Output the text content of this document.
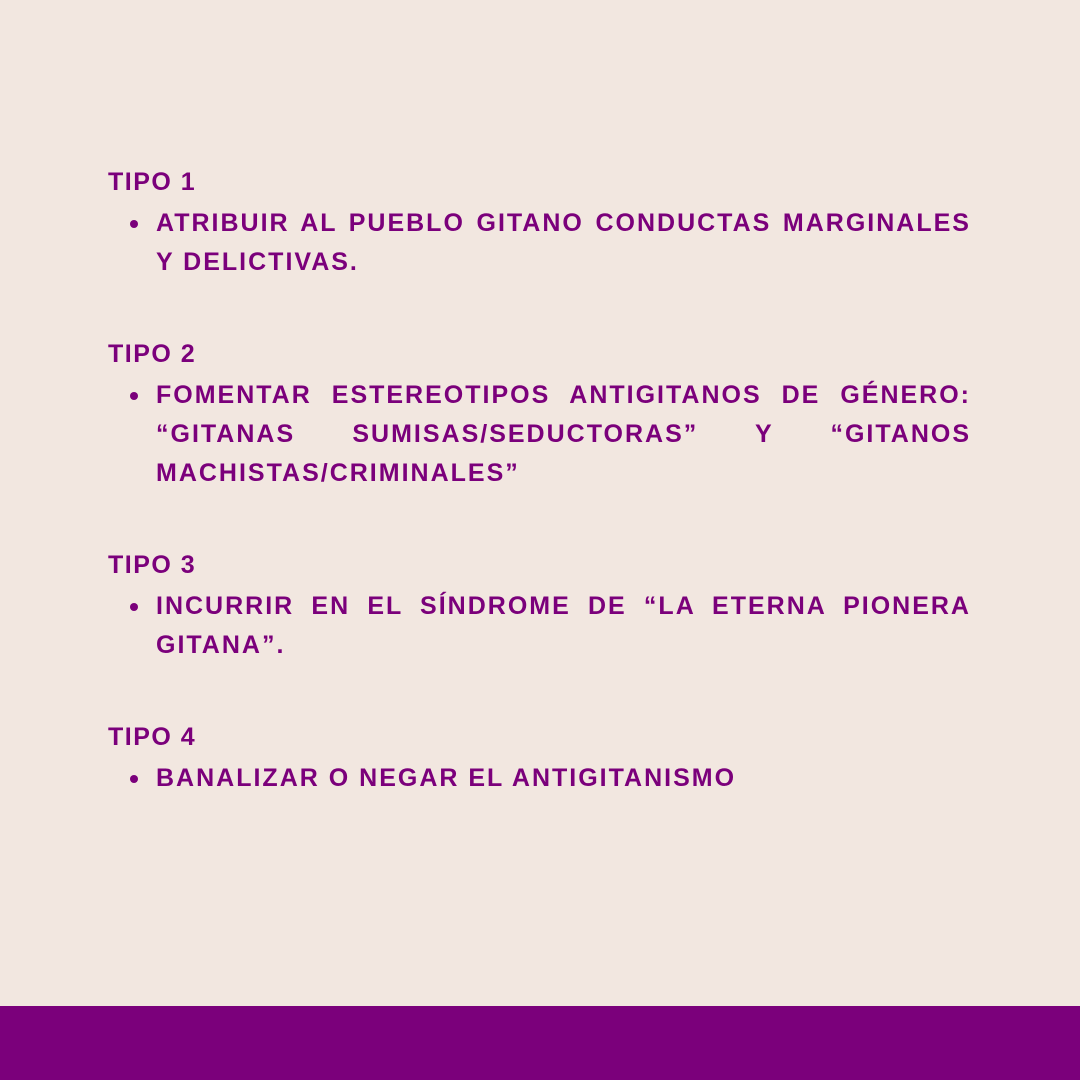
TIPO 1
ATRIBUIR AL PUEBLO GITANO CONDUCTAS MARGINALES Y DELICTIVAS.
TIPO 2
FOMENTAR ESTEREOTIPOS ANTIGITANOS DE GÉNERO: “GITANAS SUMISAS/SEDUCTORAS” Y “GITANOS MACHISTAS/CRIMINALES”
TIPO 3
INCURRIR EN EL SÍNDROME DE “LA ETERNA PIONERA GITANA”.
TIPO 4
BANALIZAR O NEGAR EL ANTIGITANISMO
